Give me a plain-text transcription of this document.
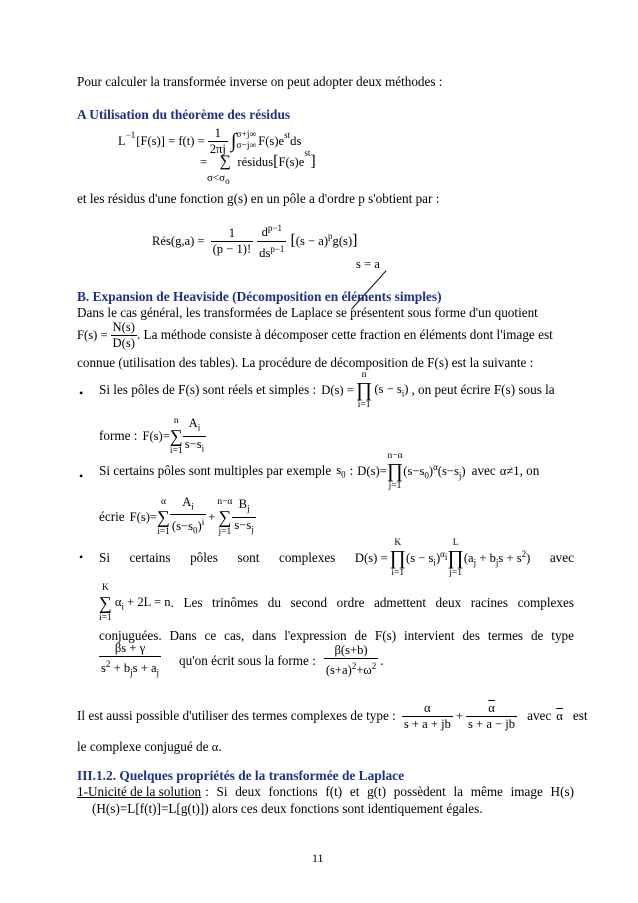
Pour calculer la transformée inverse on peut adopter deux méthodes :
A Utilisation du théorème des résidus
$L^{-1}$ $[F(s)] = f(t) = \frac{1}{2\pi j}$ ∫ σ+j∞
σ−j∞ $F(s)e^{st}$ ds
= ∑ $résidus[F(s)e^{st}]$
$\sigma<\sigma_o$
et les résidus d'une fonction g(s) en un pôle a d'ordre p s'obtient par :
Rés(g,a) = $\frac{1}{(p - 1)!} \frac{d^{p-1}}{ds^{p-1}}$ [ $(s - a)^p$ g(s) ]
s = a
B. Expansion de Heaviside (Décomposition en éléments simples)
Dans le cas général, les transformées de Laplace se présentent sous forme d'un quotient
$F(s) = \frac{N(s)}{D(s)}$ . La méthode consiste à décomposer cette fraction en éléments dont l'image est
connue (utilisation des tables). La procédure de décomposition de F(s) est la suivante :
• Si les pôles de F(s) sont réels et simples : D(s) =
n
∏
i=1
$(s - s_i)$ , on peut écrire F(s) sous la
forme : F(s)=
n
∑
$i=1 \frac{A_i}{s-s_i}$
• Si certains pôles sont multiples par exemple $s_0$ : D(s)=
n−α
∏
j=1
$(s-s_0)^\alpha(s-s_j)$ avec α≠1 , on
écrie F(s)=
α
∑
$i=1 \frac{A_i}{(s-s_0)^i}$ +
n−α
∑
$j=1 \frac{B_j}{s-s_j}$
• Si certains pôles sont complexes D(s) =
K
∏
i=1
$(s - s_i)^{\alpha_i}$
L
∏
j=1
$(a_j + b_js + s^2)$ avec
K
∑
i=1
$\alpha_i + 2L = n$ . Les trinômes du second ordre admettent deux racines complexes
conjuguées. Dans ce cas, dans l'expression de F(s) intervient des termes de type
$\frac{\beta s + \gamma}{s^2 + b_js + a_j} qu'on$ écrit sous la forme : $\frac{\beta(s+b)}{(s+a)^2+\omega^2}$ .
Il est aussi possible d'utiliser des termes complexes de type : $\frac{\alpha}{s + a + jb} + \frac{\overline{\alpha}}{s + a - jb}$ avec $\overline{\alpha}$ est
le complexe conjugué de α.
III.1.2. Quelques propriétés de la transformée de Laplace
1-Unicité de la solution : Si deux fonctions f(t) et g(t) possèdent la même image H(s)
(H(s)=L[f(t)]=L[g(t)]) alors ces deux fonctions sont identiquement égales.
11
